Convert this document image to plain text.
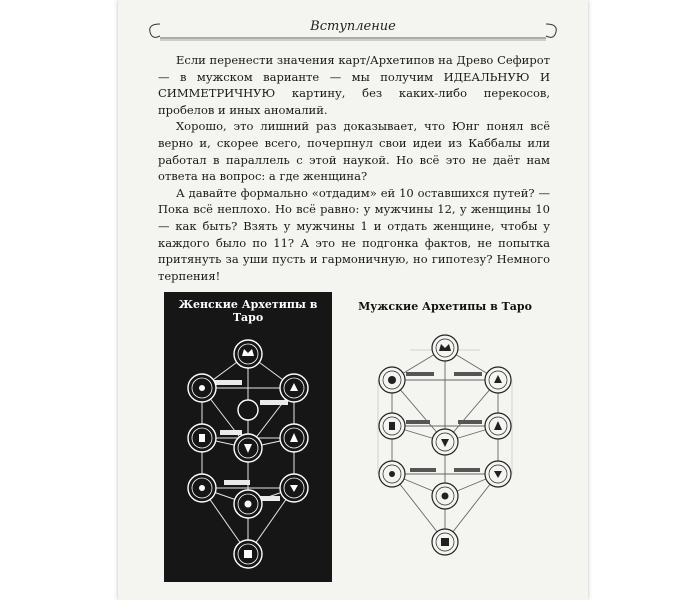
Вступление

Если перенести значения карт/Архетипов на Древо Сефирот — в мужском варианте — мы получим ИДЕАЛЬНУЮ И СИММЕТРИЧНУЮ картину, без каких-либо перекосов, пробелов и иных аномалий.

Хорошо, это лишний раз доказывает, что Юнг понял всё верно и, скорее всего, почерпнул свои идеи из Каббалы или работал в параллель с этой наукой. Но всё это не даёт нам ответа на вопрос: а где женщина?

А давайте формально «отдадим» ей 10 оставшихся путей? — Пока всё неплохо. Но всё равно: у мужчины 12, у женщины 10 — как быть? Взять у мужчины 1 и отдать женщине, чтобы у каждого было по 11? А это не подгонка фактов, не попытка притянуть за уши пусть и гармоничную, но гипотезу? Немного терпения!

Женские Архетипы в Таро
Мужские Архетипы в Таро
